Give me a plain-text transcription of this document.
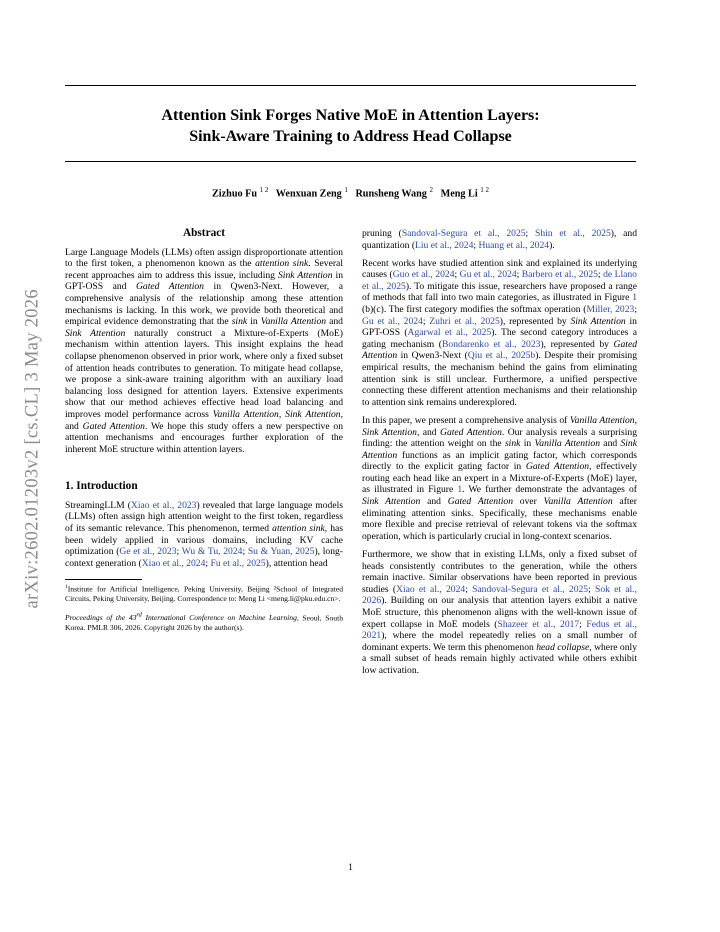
arXiv:2602.01203v2 [cs.CL] 3 May 2026
Attention Sink Forges Native MoE in Attention Layers:
Sink-Aware Training to Address Head Collapse
Zizhuo Fu $^{1 2}$ Wenxuan Zeng $^1$ Runsheng Wang $^2$ Meng Li $^{1 2}$
Abstract

Large Language Models (LLMs) often assign disproportionate attention to the first token, a phenomenon known as the attention sink. Several recent approaches aim to address this issue, including Sink Attention in GPT-OSS and Gated Attention in Qwen3-Next. However, a comprehensive analysis of the relationship among these attention mechanisms is lacking. In this work, we provide both theoretical and empirical evidence demonstrating that the sink in Vanilla Attention and Sink Attention naturally construct a Mixture-of-Experts (MoE) mechanism within attention layers. This insight explains the head collapse phenomenon observed in prior work, where only a fixed subset of attention heads contributes to generation. To mitigate head collapse, we propose a sink-aware training algorithm with an auxiliary load balancing loss designed for attention layers. Extensive experiments show that our method achieves effective head load balancing and improves model performance across Vanilla Attention, Sink Attention, and Gated Attention. We hope this study offers a new perspective on attention mechanisms and encourages further exploration of the inherent MoE structure within attention layers.

1. Introduction

StreamingLLM (Xiao et al., 2023) revealed that large language models (LLMs) often assign high attention weight to the first token, regardless of its semantic relevance. This phenomenon, termed attention sink, has been widely applied in various domains, including KV cache optimization (Ge et al., 2023; Wu & Tu, 2024; Su & Yuan, 2025), long-context generation (Xiao et al., 2024; Fu et al., 2025), attention head

$^1$Institute for Artificial Intelligence, Peking University, Beijing ²School of Integrated Circuits, Peking University, Beijing. Correspondence to: Meng Li <meng.li@pku.edu.cn>.
Proceedings of the 43rd International Conference on Machine Learning, Seoul, South Korea. PMLR 306, 2026. Copyright 2026 by the author(s).

pruning (Sandoval-Segura et al., 2025; Shin et al., 2025), and quantization (Liu et al., 2024; Huang et al., 2024).

Recent works have studied attention sink and explained its underlying causes (Guo et al., 2024; Gu et al., 2024; Barbero et al., 2025; de Llano et al., 2025). To mitigate this issue, researchers have proposed a range of methods that fall into two main categories, as illustrated in Figure 1 (b)(c). The first category modifies the softmax operation (Miller, 2023; Gu et al., 2024; Zuhri et al., 2025), represented by Sink Attention in GPT-OSS (Agarwal et al., 2025). The second category introduces a gating mechanism (Bondarenko et al., 2023), represented by Gated Attention in Qwen3-Next (Qiu et al., 2025b). Despite their promising empirical results, the mechanism behind the gains from eliminating attention sink is still unclear. Furthermore, a unified perspective connecting these different attention mechanisms and their relationship to attention sink remains underexplored.

In this paper, we present a comprehensive analysis of Vanilla Attention, Sink Attention, and Gated Attention. Our analysis reveals a surprising finding: the attention weight on the sink in Vanilla Attention and Sink Attention functions as an implicit gating factor, which corresponds directly to the explicit gating factor in Gated Attention, effectively routing each head like an expert in a Mixture-of-Experts (MoE) layer, as illustrated in Figure 1. We further demonstrate the advantages of Sink Attention and Gated Attention over Vanilla Attention after eliminating attention sinks. Specifically, these mechanisms enable more flexible and precise retrieval of relevant tokens via the softmax operation, which is particularly crucial in long-context scenarios.

Furthermore, we show that in existing LLMs, only a fixed subset of heads consistently contributes to the generation, while the others remain inactive. Similar observations have been reported in previous studies (Xiao et al., 2024; Sandoval-Segura et al., 2025; Sok et al., 2026). Building on our analysis that attention layers exhibit a native MoE structure, this phenomenon aligns with the well-known issue of expert collapse in MoE models (Shazeer et al., 2017; Fedus et al., 2021), where the model repeatedly relies on a small number of dominant experts. We term this phenomenon head collapse, where only a small subset of heads remain highly activated while others exhibit low activation.

1
